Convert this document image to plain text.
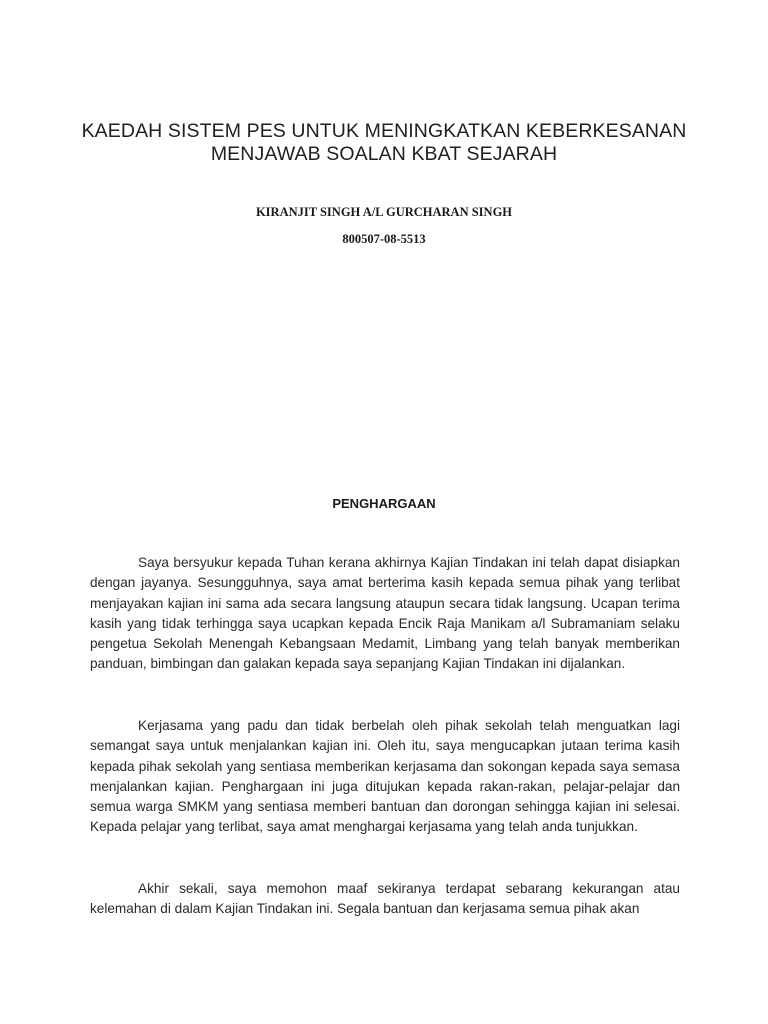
KAEDAH SISTEM PES UNTUK MENINGKATKAN KEBERKESANAN
MENJAWAB SOALAN KBAT SEJARAH
KIRANJIT SINGH A/L GURCHARAN SINGH
800507-08-5513
PENGHARGAAN

Saya bersyukur kepada Tuhan kerana akhirnya Kajian Tindakan ini telah dapat disiapkan dengan jayanya. Sesungguhnya, saya amat berterima kasih kepada semua pihak yang terlibat menjayakan kajian ini sama ada secara langsung ataupun secara tidak langsung. Ucapan terima kasih yang tidak terhingga saya ucapkan kepada Encik Raja Manikam a/l Subramaniam selaku pengetua Sekolah Menengah Kebangsaan Medamit, Limbang yang telah banyak memberikan panduan, bimbingan dan galakan kepada saya sepanjang Kajian Tindakan ini dijalankan.

Kerjasama yang padu dan tidak berbelah oleh pihak sekolah telah menguatkan lagi semangat saya untuk menjalankan kajian ini. Oleh itu, saya mengucapkan jutaan terima kasih kepada pihak sekolah yang sentiasa memberikan kerjasama dan sokongan kepada saya semasa menjalankan kajian. Penghargaan ini juga ditujukan kepada rakan-rakan, pelajar-pelajar dan semua warga SMKM yang sentiasa memberi bantuan dan dorongan sehingga kajian ini selesai. Kepada pelajar yang terlibat, saya amat menghargai kerjasama yang telah anda tunjukkan.

Akhir sekali, saya memohon maaf sekiranya terdapat sebarang kekurangan atau kelemahan di dalam Kajian Tindakan ini. Segala bantuan dan kerjasama semua pihak akan
